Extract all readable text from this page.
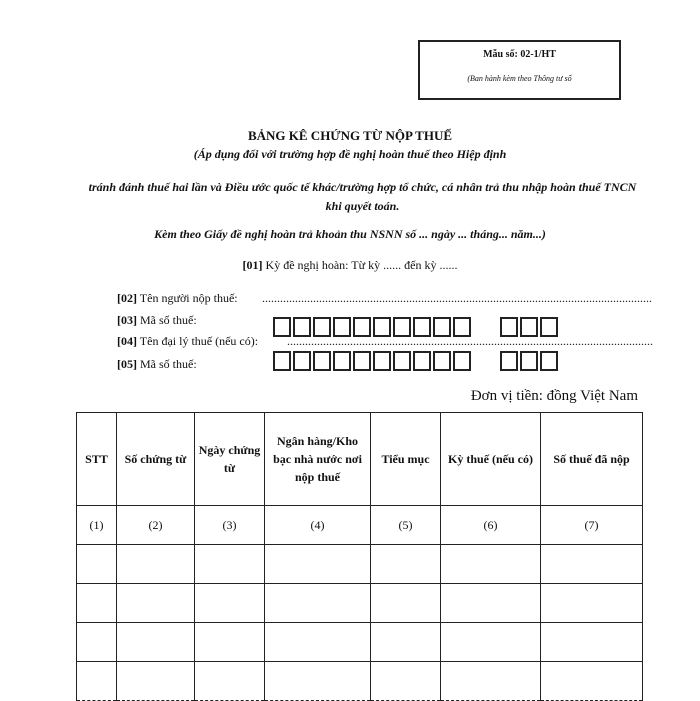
Mẫu số: 02-1/HT
(Ban hành kèm theo Thông tư số
BẢNG KÊ CHỨNG TỪ NỘP THUẾ
(Áp dụng đối với trường hợp đề nghị hoàn thuế theo Hiệp định
tránh đánh thuế hai lần và Điều ước quốc tế khác/trường hợp tổ chức, cá nhân trả thu nhập hoàn thuế TNCN khi quyết toán.
Kèm theo Giấy đề nghị hoàn trả khoản thu NSNN số ... ngày ... tháng... năm...)
[01] Kỳ đề nghị hoàn: Từ kỳ ...... đến kỳ ......
[02] Tên người nộp thuế: ..................................................................................................................................
[03] Mã số thuế:
[04] Tên đại lý thuế (nếu có): ..........................................................................................................................
[05] Mã số thuế:
Đơn vị tiền: đồng Việt Nam
STT	Số chứng từ	Ngày chứng từ	Ngân hàng/Kho bạc nhà nước nơi nộp thuế	Tiểu mục	Kỳ thuế (nếu có)	Số thuế đã nộp
(1)	(2)	(3)	(4)	(5)	(6)	(7)
